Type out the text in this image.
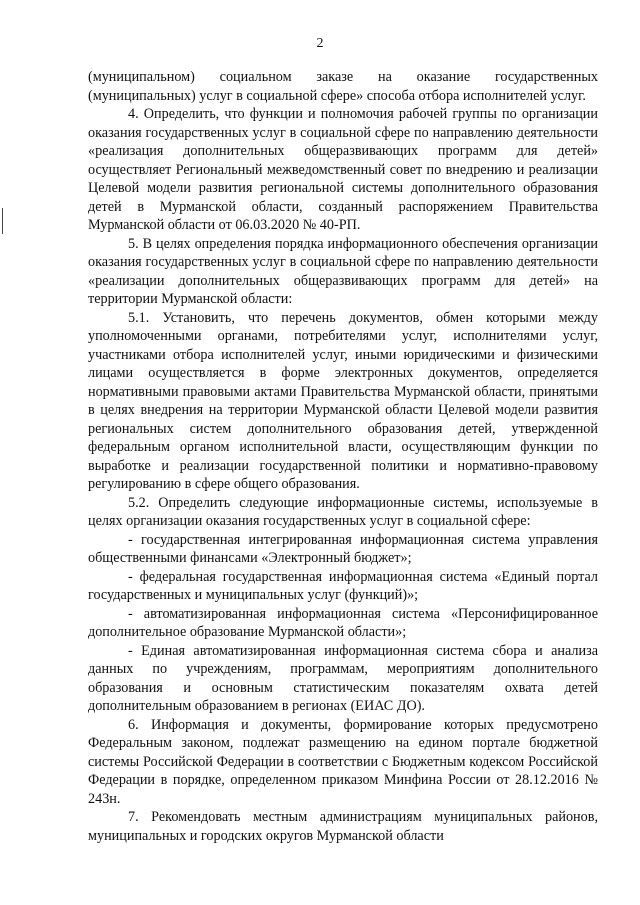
2

(муниципальном) социальном заказе на оказание государственных (муниципальных) услуг в социальной сфере» способа отбора исполнителей услуг.

4. Определить, что функции и полномочия рабочей группы по организации оказания государственных услуг в социальной сфере по направлению деятельности «реализация дополнительных общеразвивающих программ для детей» осуществляет Региональный межведомственный совет по внедрению и реализации Целевой модели развития региональной системы дополнительного образования детей в Мурманской области, созданный распоряжением Правительства Мурманской области от 06.03.2020 № 40-РП.

5. В целях определения порядка информационного обеспечения организации оказания государственных услуг в социальной сфере по направлению деятельности «реализации дополнительных общеразвивающих программ для детей» на территории Мурманской области:

5.1. Установить, что перечень документов, обмен которыми между уполномоченными органами, потребителями услуг, исполнителями услуг, участниками отбора исполнителей услуг, иными юридическими и физическими лицами осуществляется в форме электронных документов, определяется нормативными правовыми актами Правительства Мурманской области, принятыми в целях внедрения на территории Мурманской области Целевой модели развития региональных систем дополнительного образования детей, утвержденной федеральным органом исполнительной власти, осуществляющим функции по выработке и реализации государственной политики и нормативно-правовому регулированию в сфере общего образования.

5.2. Определить следующие информационные системы, используемые в целях организации оказания государственных услуг в социальной сфере:

- государственная интегрированная информационная система управления общественными финансами «Электронный бюджет»;

- федеральная государственная информационная система «Единый портал государственных и муниципальных услуг (функций)»;

- автоматизированная информационная система «Персонифицированное дополнительное образование Мурманской области»;

- Единая автоматизированная информационная система сбора и анализа данных по учреждениям, программам, мероприятиям дополнительного образования и основным статистическим показателям охвата детей дополнительным образованием в регионах (ЕИАС ДО).

6. Информация и документы, формирование которых предусмотрено Федеральным законом, подлежат размещению на едином портале бюджетной системы Российской Федерации в соответствии с Бюджетным кодексом Российской Федерации в порядке, определенном приказом Минфина России от 28.12.2016 № 243н.

7. Рекомендовать местным администрациям муниципальных районов, муниципальных и городских округов Мурманской области
